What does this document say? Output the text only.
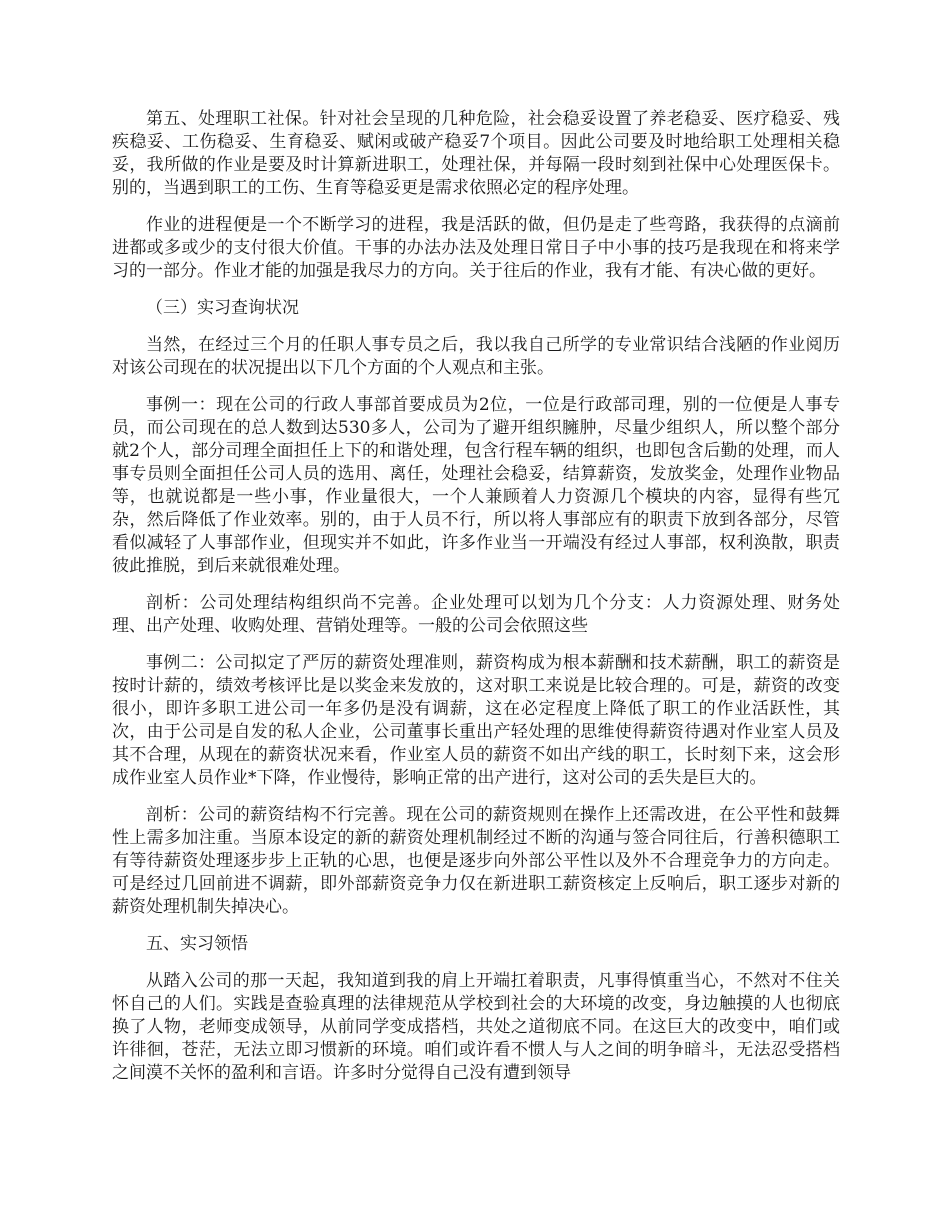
第五、处理职工社保。针对社会呈现的几种危险，社会稳妥设置了养老稳妥、医疗稳妥、残疾稳妥、工伤稳妥、生育稳妥、赋闲或破产稳妥7个项目。因此公司要及时地给职工处理相关稳妥，我所做的作业是要及时计算新进职工，处理社保，并每隔一段时刻到社保中心处理医保卡。别的，当遇到职工的工伤、生育等稳妥更是需求依照必定的程序处理。

作业的进程便是一个不断学习的进程，我是活跃的做，但仍是走了些弯路，我获得的点滴前进都或多或少的支付很大价值。干事的办法办法及处理日常日子中小事的技巧是我现在和将来学习的一部分。作业才能的加强是我尽力的方向。关于往后的作业，我有才能、有决心做的更好。

（三）实习查询状况

当然，在经过三个月的任职人事专员之后，我以我自己所学的专业常识结合浅陋的作业阅历对该公司现在的状况提出以下几个方面的个人观点和主张。

事例一：现在公司的行政人事部首要成员为2位，一位是行政部司理，别的一位便是人事专员，而公司现在的总人数到达530多人，公司为了避开组织臃肿，尽量少组织人，所以整个部分就2个人，部分司理全面担任上下的和谐处理，包含行程车辆的组织，也即包含后勤的处理，而人事专员则全面担任公司人员的选用、离任，处理社会稳妥，结算薪资，发放奖金，处理作业物品等，也就说都是一些小事，作业量很大，一个人兼顾着人力资源几个模块的内容，显得有些冗杂，然后降低了作业效率。别的，由于人员不行，所以将人事部应有的职责下放到各部分，尽管看似减轻了人事部作业，但现实并不如此，许多作业当一开端没有经过人事部，权利涣散，职责彼此推脱，到后来就很难处理。

剖析：公司处理结构组织尚不完善。企业处理可以划为几个分支：人力资源处理、财务处理、出产处理、收购处理、营销处理等。一般的公司会依照这些

事例二：公司拟定了严厉的薪资处理准则，薪资构成为根本薪酬和技术薪酬，职工的薪资是按时计薪的，绩效考核评比是以奖金来发放的，这对职工来说是比较合理的。可是，薪资的改变很小，即许多职工进公司一年多仍是没有调薪，这在必定程度上降低了职工的作业活跃性，其次，由于公司是自发的私人企业，公司董事长重出产轻处理的思维使得薪资待遇对作业室人员及其不合理，从现在的薪资状况来看，作业室人员的薪资不如出产线的职工，长时刻下来，这会形成作业室人员作业*下降，作业慢待，影响正常的出产进行，这对公司的丢失是巨大的。

剖析：公司的薪资结构不行完善。现在公司的薪资规则在操作上还需改进，在公平性和鼓舞性上需多加注重。当原本设定的新的薪资处理机制经过不断的沟通与签合同往后，行善积德职工有等待薪资处理逐步步上正轨的心思，也便是逐步向外部公平性以及外不合理竞争力的方向走。可是经过几回前进不调薪，即外部薪资竞争力仅在新进职工薪资核定上反响后，职工逐步对新的薪资处理机制失掉决心。

五、实习领悟

从踏入公司的那一天起，我知道到我的肩上开端扛着职责，凡事得慎重当心，不然对不住关怀自己的人们。实践是查验真理的法律规范从学校到社会的大环境的改变，身边触摸的人也彻底换了人物，老师变成领导，从前同学变成搭档，共处之道彻底不同。在这巨大的改变中，咱们或许徘徊，苍茫，无法立即习惯新的环境。咱们或许看不惯人与人之间的明争暗斗，无法忍受搭档之间漠不关怀的盈利和言语。许多时分觉得自己没有遭到领导
